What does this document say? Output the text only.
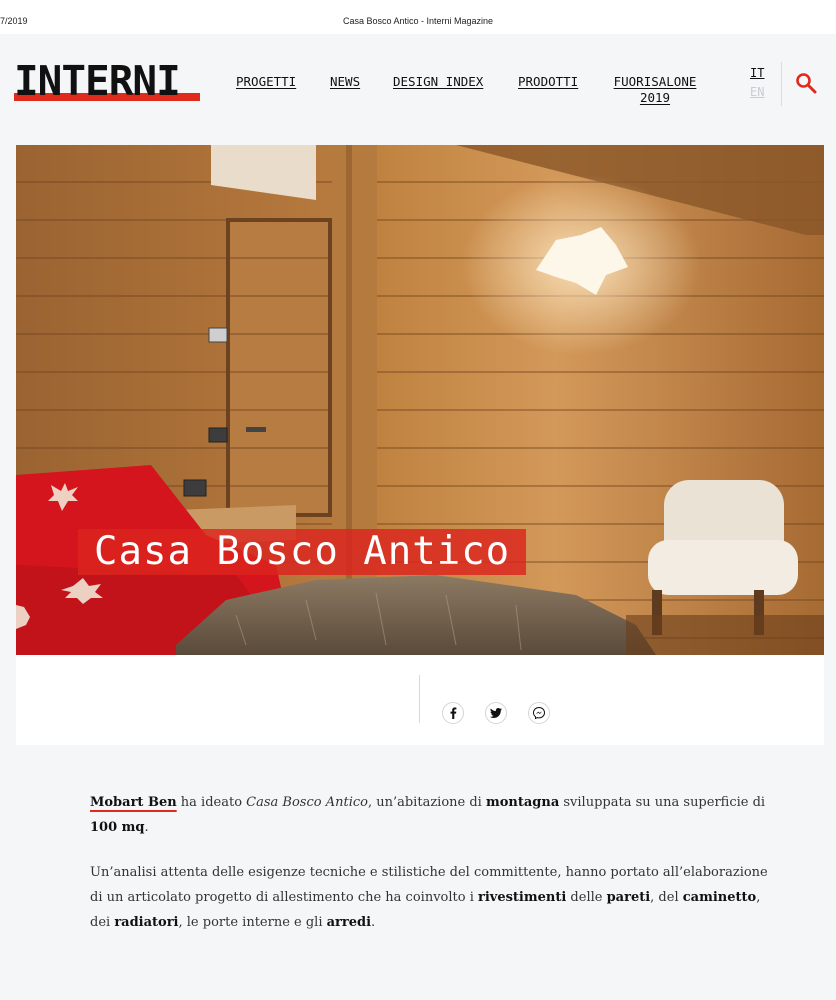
7/2019	Casa Bosco Antico - Interni Magazine
INTERNI	PROGETTI	NEWS	DESIGN INDEX	PRODOTTI	FUORISALONE 2019
IT
EN
Casa Bosco Antico

Mobart Ben ha ideato Casa Bosco Antico, un’abitazione di montagna sviluppata su una superficie di 100 mq.

Un’analisi attenta delle esigenze tecniche e stilistiche del committente, hanno portato all’elaborazione di un articolato progetto di allestimento che ha coinvolto i rivestimenti delle pareti, del caminetto, dei radiatori, le porte interne e gli arredi.
